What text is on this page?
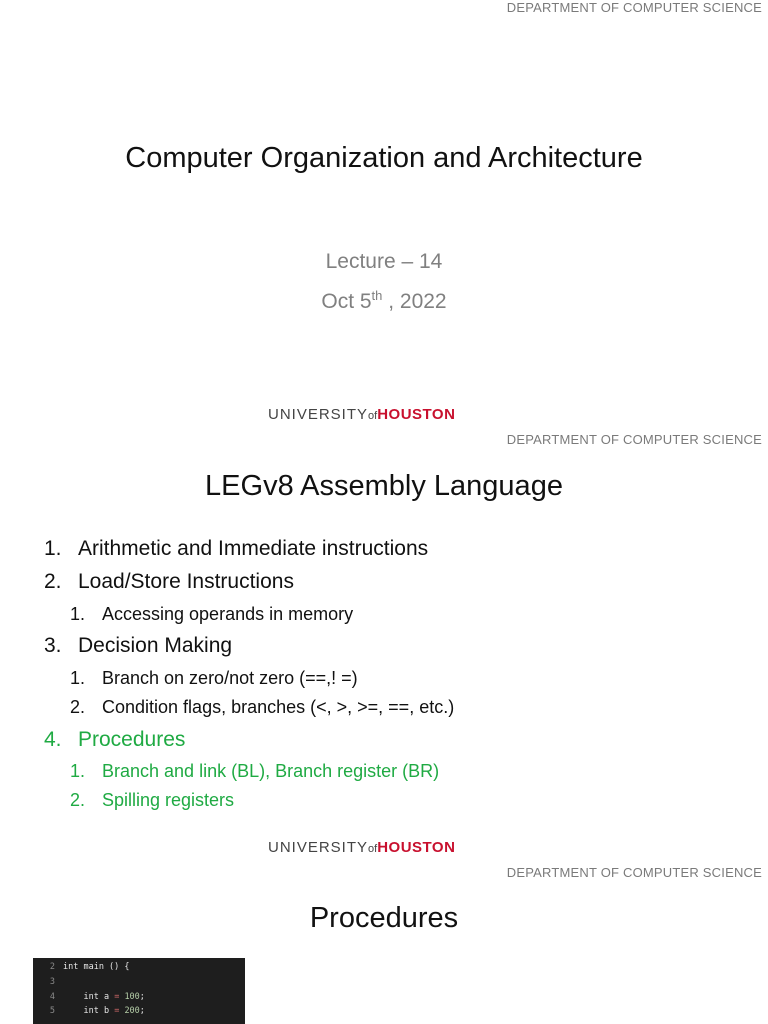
DEPARTMENT OF COMPUTER SCIENCE
Computer Organization and Architecture
Lecture – 14
Oct 5th , 2022
UNIVERSITYofHOUSTON
DEPARTMENT OF COMPUTER SCIENCE
LEGv8 Assembly Language
1. Arithmetic and Immediate instructions
2. Load/Store Instructions
1. Accessing operands in memory
3. Decision Making
1. Branch on zero/not zero (==,! =)
2. Condition flags, branches (<, >, >=, ==, etc.)
4. Procedures
1. Branch and link (BL), Branch register (BR)
2. Spilling registers
UNIVERSITYofHOUSTON
DEPARTMENT OF COMPUTER SCIENCE
Procedures
2 int main () {
3
4    int a = 100;
5    int b = 200;
